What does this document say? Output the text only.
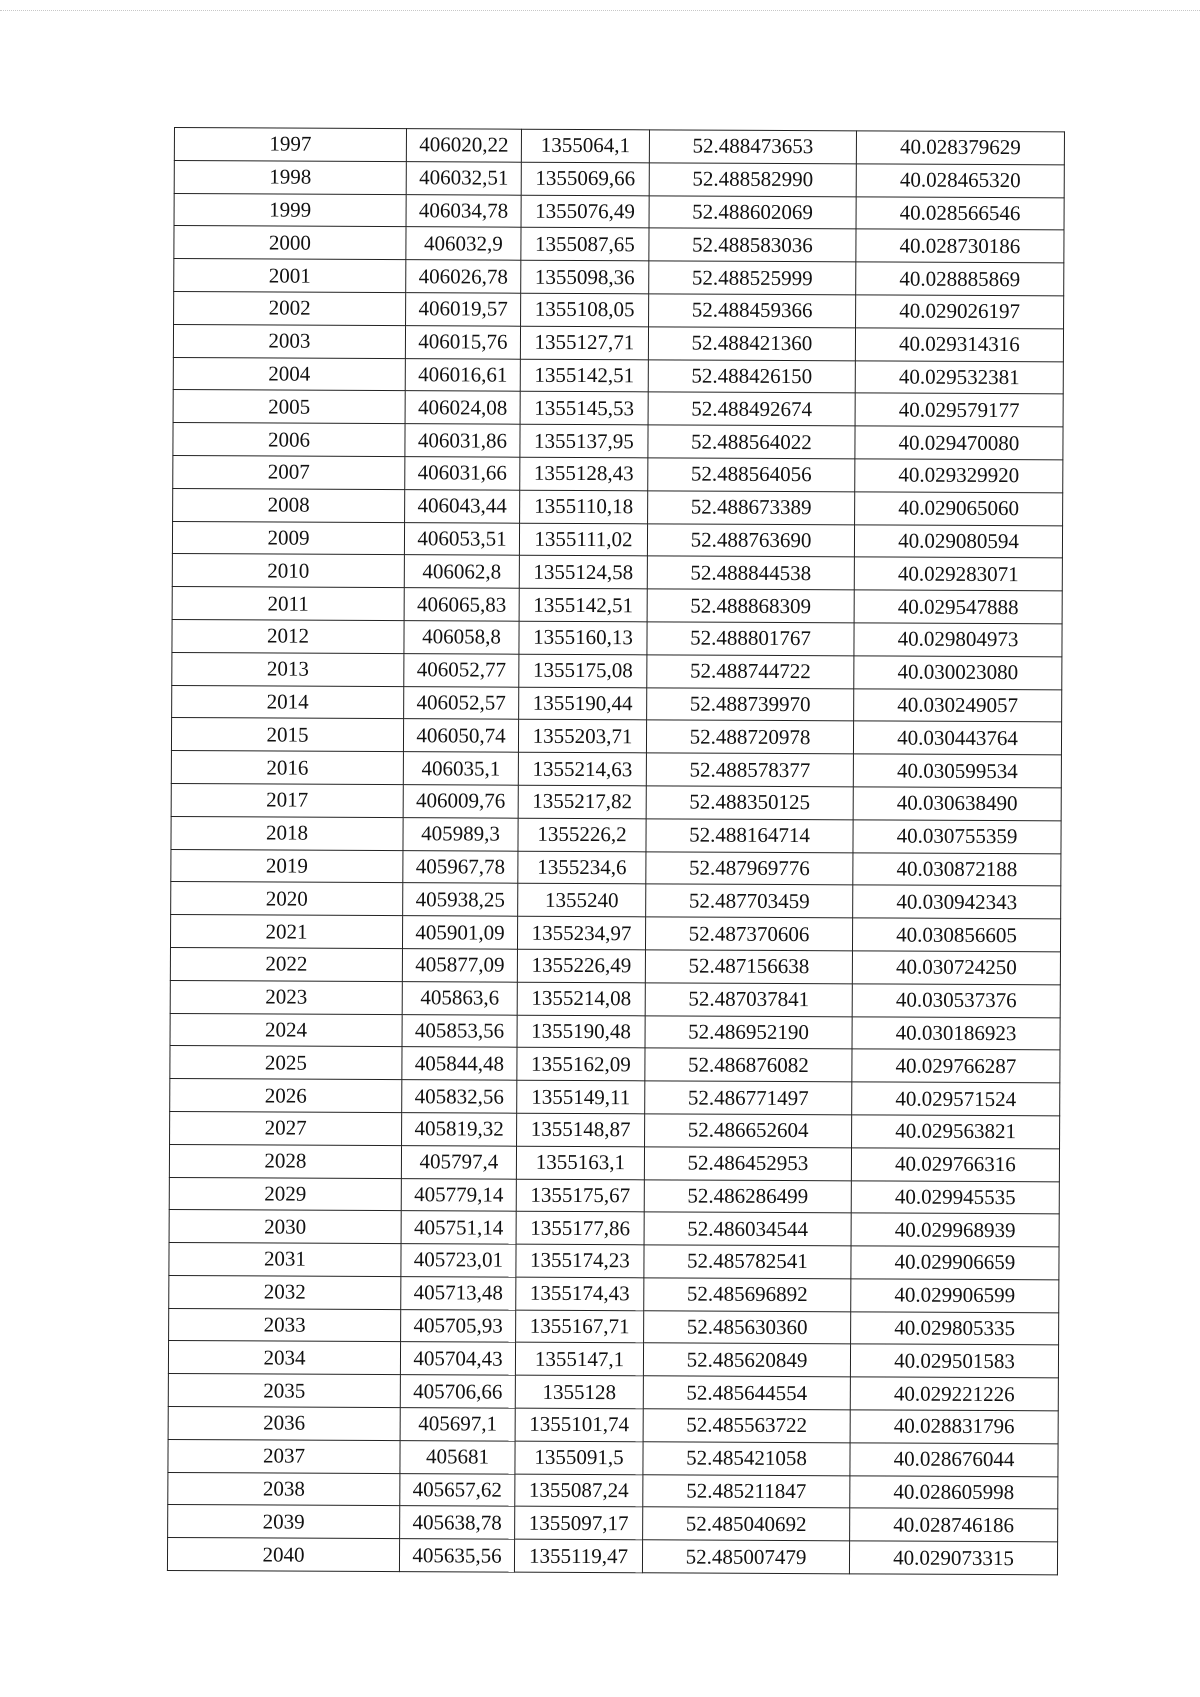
1997	406020,22	1355064,1	52.488473653	40.028379629
1998	406032,51	1355069,66	52.488582990	40.028465320
1999	406034,78	1355076,49	52.488602069	40.028566546
2000	406032,9	1355087,65	52.488583036	40.028730186
2001	406026,78	1355098,36	52.488525999	40.028885869
2002	406019,57	1355108,05	52.488459366	40.029026197
2003	406015,76	1355127,71	52.488421360	40.029314316
2004	406016,61	1355142,51	52.488426150	40.029532381
2005	406024,08	1355145,53	52.488492674	40.029579177
2006	406031,86	1355137,95	52.488564022	40.029470080
2007	406031,66	1355128,43	52.488564056	40.029329920
2008	406043,44	1355110,18	52.488673389	40.029065060
2009	406053,51	1355111,02	52.488763690	40.029080594
2010	406062,8	1355124,58	52.488844538	40.029283071
2011	406065,83	1355142,51	52.488868309	40.029547888
2012	406058,8	1355160,13	52.488801767	40.029804973
2013	406052,77	1355175,08	52.488744722	40.030023080
2014	406052,57	1355190,44	52.488739970	40.030249057
2015	406050,74	1355203,71	52.488720978	40.030443764
2016	406035,1	1355214,63	52.488578377	40.030599534
2017	406009,76	1355217,82	52.488350125	40.030638490
2018	405989,3	1355226,2	52.488164714	40.030755359
2019	405967,78	1355234,6	52.487969776	40.030872188
2020	405938,25	1355240	52.487703459	40.030942343
2021	405901,09	1355234,97	52.487370606	40.030856605
2022	405877,09	1355226,49	52.487156638	40.030724250
2023	405863,6	1355214,08	52.487037841	40.030537376
2024	405853,56	1355190,48	52.486952190	40.030186923
2025	405844,48	1355162,09	52.486876082	40.029766287
2026	405832,56	1355149,11	52.486771497	40.029571524
2027	405819,32	1355148,87	52.486652604	40.029563821
2028	405797,4	1355163,1	52.486452953	40.029766316
2029	405779,14	1355175,67	52.486286499	40.029945535
2030	405751,14	1355177,86	52.486034544	40.029968939
2031	405723,01	1355174,23	52.485782541	40.029906659
2032	405713,48	1355174,43	52.485696892	40.029906599
2033	405705,93	1355167,71	52.485630360	40.029805335
2034	405704,43	1355147,1	52.485620849	40.029501583
2035	405706,66	1355128	52.485644554	40.029221226
2036	405697,1	1355101,74	52.485563722	40.028831796
2037	405681	1355091,5	52.485421058	40.028676044
2038	405657,62	1355087,24	52.485211847	40.028605998
2039	405638,78	1355097,17	52.485040692	40.028746186
2040	405635,56	1355119,47	52.485007479	40.029073315
